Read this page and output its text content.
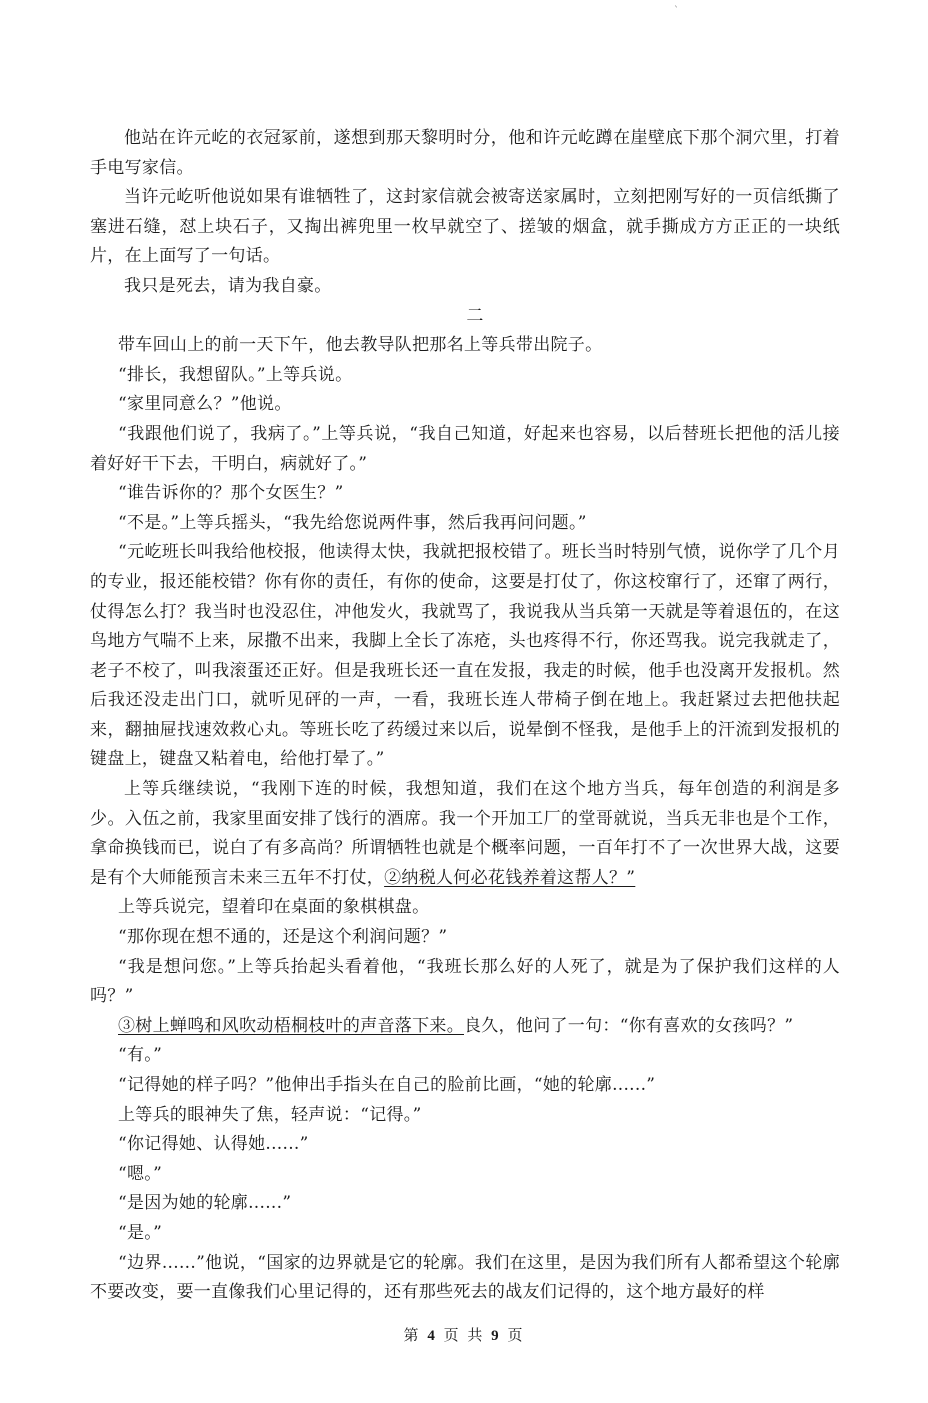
`

他站在许元屹的衣冠冢前，遂想到那天黎明时分，他和许元屹蹲在崖壁底下那个洞穴里，打着手电写家信。

当许元屹听他说如果有谁牺牲了，这封家信就会被寄送家属时，立刻把刚写好的一页信纸撕了塞进石缝，怼上块石子，又掏出裤兜里一枚早就空了、搓皱的烟盒，就手撕成方方正正的一块纸片，在上面写了一句话。

我只是死去，请为我自豪。

二

带车回山上的前一天下午，他去教导队把那名上等兵带出院子。

“排长，我想留队。”上等兵说。

“家里同意么？”他说。

“我跟他们说了，我病了。”上等兵说，“我自己知道，好起来也容易，以后替班长把他的活儿接着好好干下去，干明白，病就好了。”

“谁告诉你的？那个女医生？”

“不是。”上等兵摇头，“我先给您说两件事，然后我再问问题。”

“元屹班长叫我给他校报，他读得太快，我就把报校错了。班长当时特别气愤，说你学了几个月的专业，报还能校错？你有你的责任，有你的使命，这要是打仗了，你这校窜行了，还窜了两行，仗得怎么打？我当时也没忍住，冲他发火，我就骂了，我说我从当兵第一天就是等着退伍的，在这鸟地方气喘不上来，尿撒不出来，我脚上全长了冻疮，头也疼得不行，你还骂我。说完我就走了，老子不校了，叫我滚蛋还正好。但是我班长还一直在发报，我走的时候，他手也没离开发报机。然后我还没走出门口，就听见砰的一声，一看，我班长连人带椅子倒在地上。我赶紧过去把他扶起来，翻抽屉找速效救心丸。等班长吃了药缓过来以后，说晕倒不怪我，是他手上的汗流到发报机的键盘上，键盘又粘着电，给他打晕了。”

上等兵继续说，“我刚下连的时候，我想知道，我们在这个地方当兵，每年创造的利润是多少。入伍之前，我家里面安排了饯行的酒席。我一个开加工厂的堂哥就说，当兵无非也是个工作，拿命换钱而已，说白了有多高尚？所谓牺牲也就是个概率问题，一百年打不了一次世界大战，这要是有个大师能预言未来三五年不打仗，②纳税人何必花钱养着这帮人？”

上等兵说完，望着印在桌面的象棋棋盘。

“那你现在想不通的，还是这个利润问题？”

“我是想问您。”上等兵抬起头看着他，“我班长那么好的人死了，就是为了保护我们这样的人吗？”

③树上蝉鸣和风吹动梧桐枝叶的声音落下来。良久，他问了一句：“你有喜欢的女孩吗？”

“有。”

“记得她的样子吗？”他伸出手指头在自己的脸前比画，“她的轮廓......”

上等兵的眼神失了焦，轻声说：“记得。”

“你记得她、认得她......”

“嗯。”

“是因为她的轮廓......”

“是。”

“边界......”他说，“国家的边界就是它的轮廓。我们在这里，是因为我们所有人都希望这个轮廓不要改变，要一直像我们心里记得的，还有那些死去的战友们记得的，这个地方最好的样

第 4 页 共 9 页
